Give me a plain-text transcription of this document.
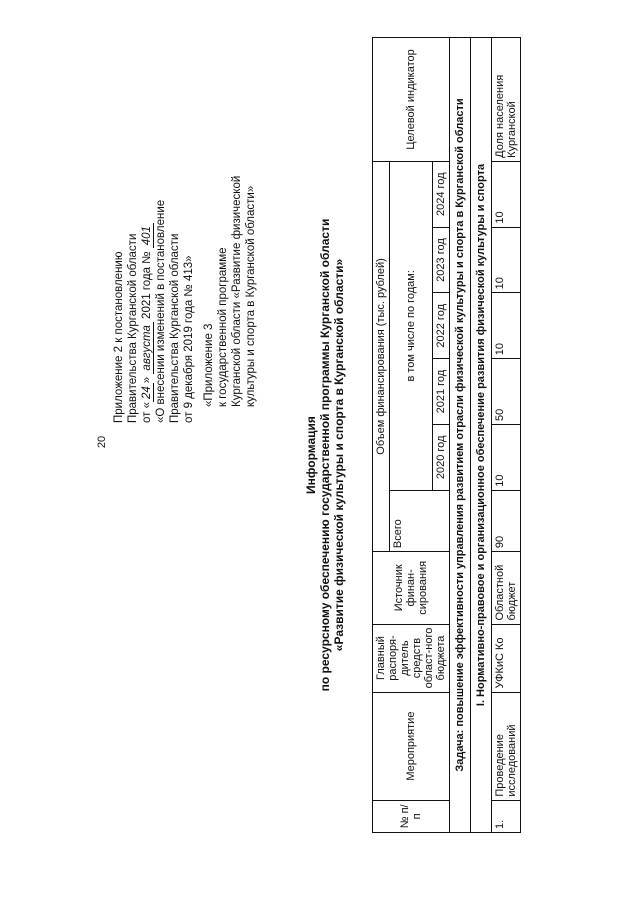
20
Приложение 2 к постановлению Правительства Курганской области от «24» августа 2021 года № 401 «О внесении изменений в постановление Правительства Курганской области от 9 декабря 2019 года № 413» «Приложение 3 к государственной программе Курганской области «Развитие физической культуры и спорта в Курганской области»
Информация по ресурсному обеспечению государственной программы Курганской области «Развитие физической культуры и спорта в Курганской области»
№ п/п	Мероприятие	Главный распоря-дитель средств област-ного бюджета	Источник финан-сирования	Объем финансирования (тыс. рублей)						Целевой индикатор
				Всего	в том числе по годам:					
					2020 год	2021 год	2022 год	2023 год	2024 год	
Задача: повышение эффективности управления развитием отрасли физической культуры и спорта в Курганской области										
I. Нормативно-правовое и организационное обеспечение развития физической культуры и спорта										
1.	Проведение исследований	УФКиС Ко	Областной бюджет	90	10	50	10	10	10	Доля населения Курганской
